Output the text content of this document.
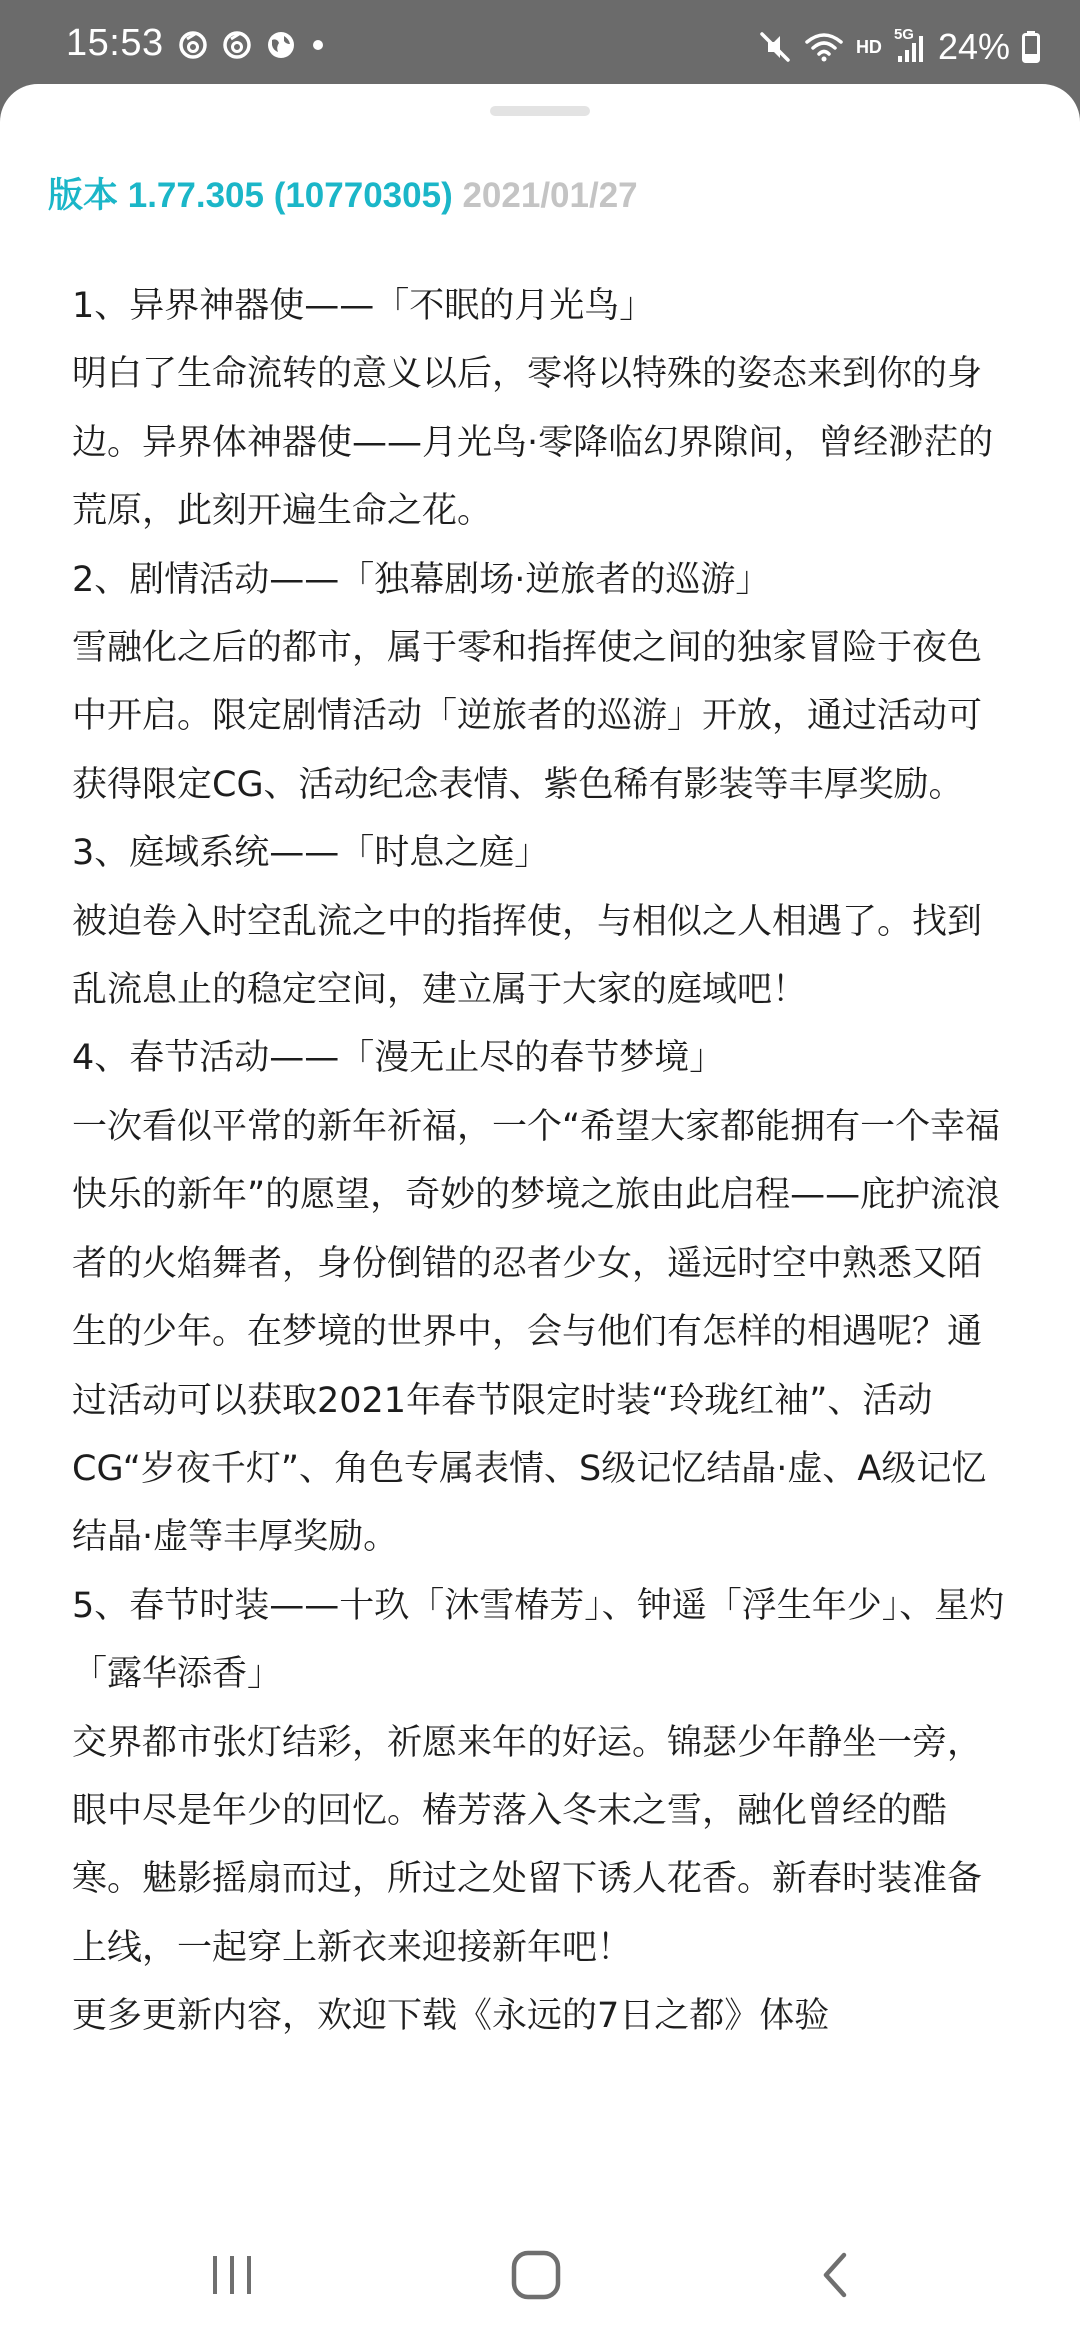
15:53	HD
5G 24%
版本 1.77.305 (10770305) 2021/01/27

1、异界神器使——「不眠的月光鸟」

明白了生命流转的意义以后，零将以特殊的姿态来到你的身边。异界体神器使——月光鸟·零降临幻界隙间，曾经渺茫的荒原，此刻开遍生命之花。

2、剧情活动——「独幕剧场·逆旅者的巡游」

雪融化之后的都市，属于零和指挥使之间的独家冒险于夜色中开启。限定剧情活动「逆旅者的巡游」开放，通过活动可获得限定CG、活动纪念表情、紫色稀有影装等丰厚奖励。

3、庭域系统——「时息之庭」

被迫卷入时空乱流之中的指挥使，与相似之人相遇了。找到乱流息止的稳定空间，建立属于大家的庭域吧！

4、春节活动——「漫无止尽的春节梦境」

一次看似平常的新年祈福，一个“希望大家都能拥有一个幸福快乐的新年”的愿望，奇妙的梦境之旅由此启程——庇护流浪者的火焰舞者，身份倒错的忍者少女，遥远时空中熟悉又陌生的少年。在梦境的世界中，会与他们有怎样的相遇呢？通过活动可以获取2021年春节限定时装“玲珑红袖”、活动CG“岁夜千灯”、角色专属表情、S级记忆结晶·虚、A级记忆结晶·虚等丰厚奖励。

5、春节时装——十玖「沐雪椿芳」、钟遥「浮生年少」、星灼「露华添香」

交界都市张灯结彩，祈愿来年的好运。锦瑟少年静坐一旁，眼中尽是年少的回忆。椿芳落入冬末之雪，融化曾经的酷寒。魅影摇扇而过，所过之处留下诱人花香。新春时装准备上线，一起穿上新衣来迎接新年吧！

更多更新内容，欢迎下载《永远的7日之都》体验
